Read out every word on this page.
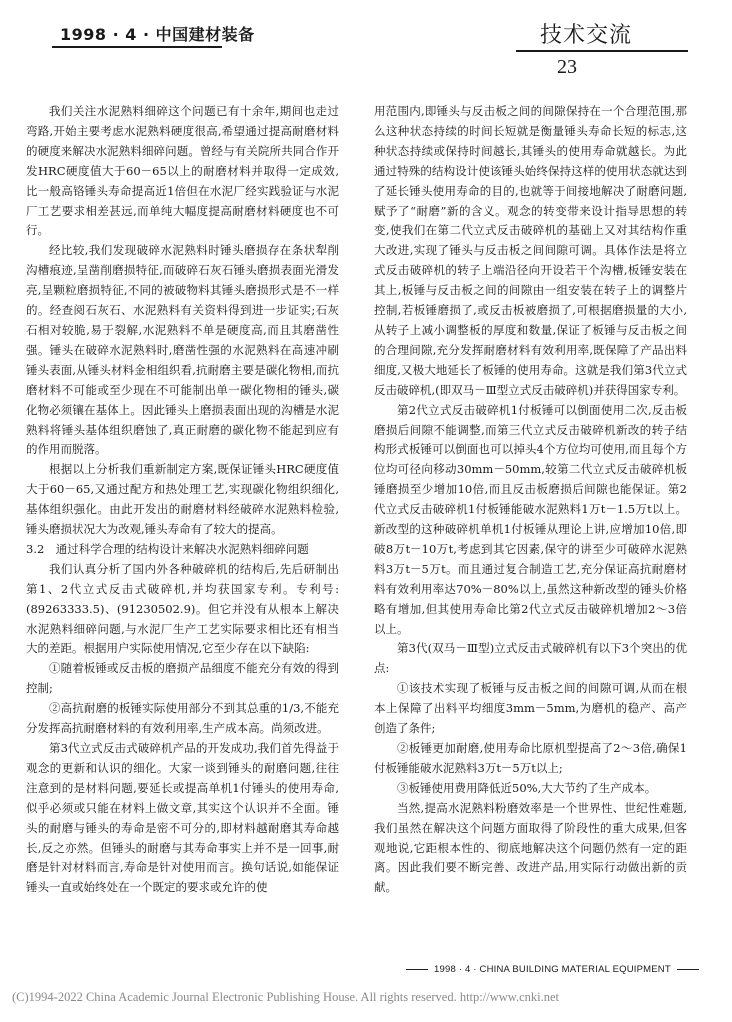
1998 · 4 · 中国建材装备	技术交流
23

我们关注水泥熟料细碎这个问题已有十余年,期间也走过弯路,开始主要考虑水泥熟料硬度很高,希望通过提高耐磨材料的硬度来解决水泥熟料细碎问题。曾经与有关院所共同合作开发HRC硬度值大于60－65以上的耐磨材料并取得一定成效,比一般高铬锤头寿命提高近1倍但在水泥厂经实践验证与水泥厂工艺要求相差甚远,而单纯大幅度提高耐磨材料硬度也不可行。

经比较,我们发现破碎水泥熟料时锤头磨损存在条状犁削沟槽痕迹,呈凿削磨损特征,而破碎石灰石锤头磨损表面光滑发亮,呈颗粒磨损特征,不同的被破物料其锤头磨损形式是不一样的。经查阅石灰石、水泥熟料有关资料得到进一步证实;石灰石相对较脆,易于裂解,水泥熟料不单是硬度高,而且其磨凿性强。锤头在破碎水泥熟料时,磨凿性强的水泥熟料在高速冲刷锤头表面,从锤头材料金相组织看,抗耐磨主要是碳化物相,而抗磨材料不可能或至少现在不可能制出单一碳化物相的锤头,碳化物必须镶在基体上。因此锤头上磨损表面出现的沟槽是水泥熟料将锤头基体组织磨蚀了,真正耐磨的碳化物不能起到应有的作用而脱落。

根据以上分析我们重新制定方案,既保证锤头HRC硬度值大于60－65,又通过配方和热处理工艺,实现碳化物组织细化,基体组织强化。由此开发出的耐磨材料经破碎水泥熟料检验,锤头磨损状况大为改观,锤头寿命有了较大的提高。

3.2　通过科学合理的结构设计来解决水泥熟料细碎问题

我们认真分析了国内外各种破碎机的结构后,先后研制出第1、2代立式反击式破碎机,并均获国家专利。专利号:(89263333.5)、(91230502.9)。但它并没有从根本上解决水泥熟料细碎问题,与水泥厂生产工艺实际要求相比还有相当大的差距。根据用户实际使用情况,它至少存在以下缺陷:

①随着板锤或反击板的磨损产品细度不能充分有效的得到控制;

②高抗耐磨的板锤实际使用部分不到其总重的1/3,不能充分发挥高抗耐磨材料的有效利用率,生产成本高。尚须改进。

第3代立式反击式破碎机产品的开发成功,我们首先得益于观念的更新和认识的细化。大家一谈到锤头的耐磨问题,往往注意到的是材料问题,要延长或提高单机1付锤头的使用寿命,似乎必须或只能在材料上做文章,其实这个认识并不全面。锤头的耐磨与锤头的寿命是密不可分的,即材料越耐磨其寿命越长,反之亦然。但锤头的耐磨与其寿命事实上并不是一回事,耐磨是针对材料而言,寿命是针对使用而言。换句话说,如能保证锤头一直或始终处在一个既定的要求或允许的使

用范围内,即锤头与反击板之间的间隙保持在一个合理范围,那么这种状态持续的时间长短就是衡量锤头寿命长短的标志,这种状态持续或保持时间越长,其锤头的使用寿命就越长。为此通过特殊的结构设计使该锤头始终保持这样的使用状态就达到了延长锤头使用寿命的目的,也就等于间接地解决了耐磨问题,赋予了“耐磨”新的含义。观念的转变带来设计指导思想的转变,使我们在第二代立式反击破碎机的基础上又对其结构作重大改进,实现了锤头与反击板之间间隙可调。具体作法是将立式反击破碎机的转子上端沿径向开设若干个沟槽,板锤安装在其上,板锤与反击板之间的间隙由一组安装在转子上的调整片控制,若板锤磨损了,或反击板被磨损了,可根据磨损量的大小,从转子上减小调整板的厚度和数量,保证了板锤与反击板之间的合理间隙,充分发挥耐磨材料有效利用率,既保障了产品出料细度,又极大地延长了板锤的使用寿命。这就是我们第3代立式反击破碎机,(即双马－Ⅲ型立式反击破碎机)并获得国家专利。

第2代立式反击破碎机1付板锤可以倒面使用二次,反击板磨损后间隙不能调整,而第三代立式反击破碎机新改的转子结构形式板锤可以倒面也可以掉头4个方位均可使用,而且每个方位均可径向移动30mm－50mm,较第二代立式反击破碎机板锤磨损至少增加10倍,而且反击板磨损后间隙也能保证。第2代立式反击破碎机1付板锤能破水泥熟料1万t－1.5万t以上。新改型的这种破碎机单机1付板锤从理论上讲,应增加10倍,即破8万t－10万t,考虑到其它因素,保守的讲至少可破碎水泥熟料3万t－5万t。而且通过复合制造工艺,充分保证高抗耐磨材料有效利用率达70%－80%以上,虽然这种新改型的锤头价格略有增加,但其使用寿命比第2代立式反击破碎机增加2～3倍以上。

第3代(双马－Ⅲ型)立式反击式破碎机有以下3个突出的优点:

①该技术实现了板锤与反击板之间的间隙可调,从而在根本上保障了出料平均细度3mm－5mm,为磨机的稳产、高产创造了条件;

②板锤更加耐磨,使用寿命比原机型提高了2～3倍,确保1付板锤能破水泥熟料3万t－5万t以上;

③板锤使用费用降低近50%,大大节约了生产成本。

当然,提高水泥熟料粉磨效率是一个世界性、世纪性难题,我们虽然在解决这个问题方面取得了阶段性的重大成果,但客观地说,它距根本性的、彻底地解决这个问题仍然有一定的距离。因此我们要不断完善、改进产品,用实际行动做出新的贡献。

1998 · 4 · CHINA BUILDING MATERIAL EQUIPMENT
(C)1994-2022 China Academic Journal Electronic Publishing House. All rights reserved. http://www.cnki.net
